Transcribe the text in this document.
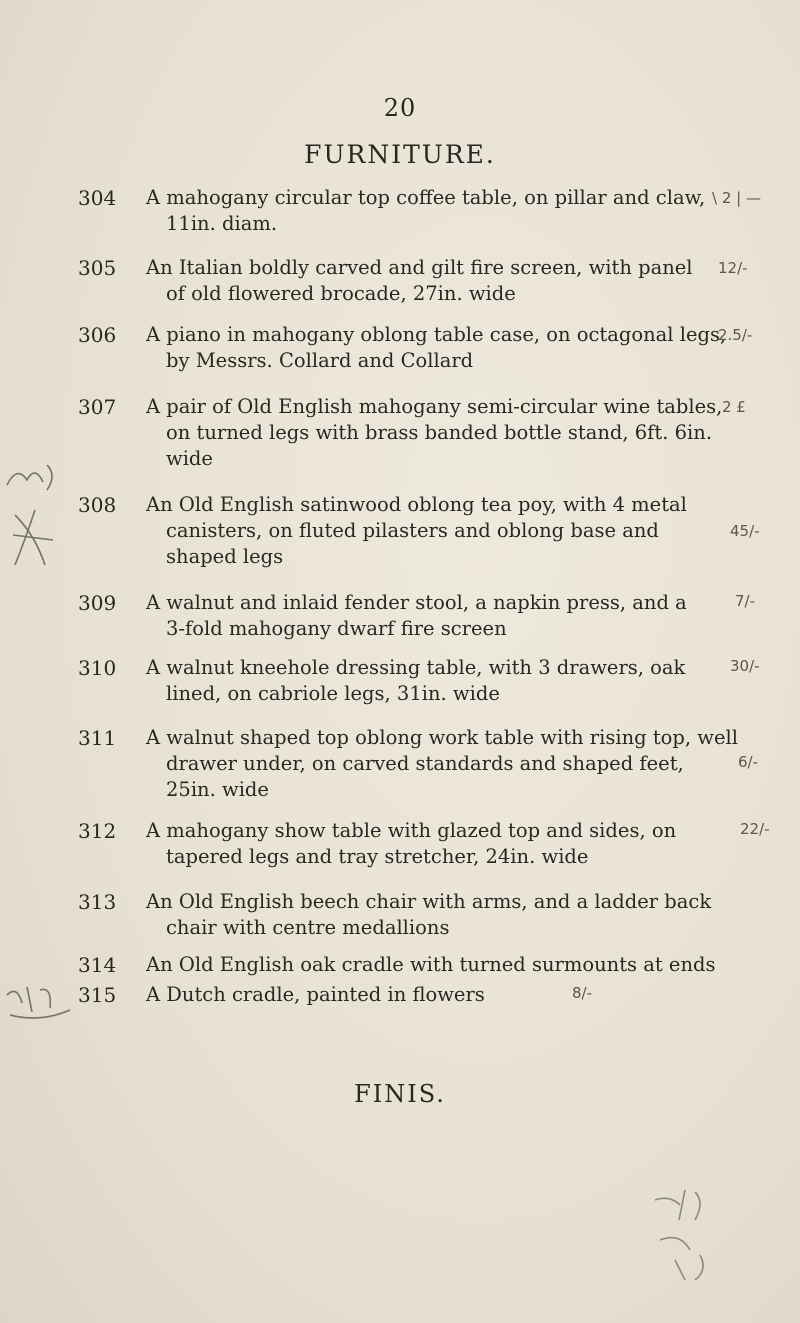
20
FURNITURE.
304 A mahogany circular top coffee table, on pillar and claw,
11in. diam.
\ 2 | —
305 An Italian boldly carved and gilt fire screen, with panel
of old flowered brocade, 27in. wide
12/-
306 A piano in mahogany oblong table case, on octagonal legs,
by Messrs. Collard and Collard
2.5/-
307 A pair of Old English mahogany semi-circular wine tables,
on turned legs with brass banded bottle stand, 6ft. 6in.
wide
2 £
308 An Old English satinwood oblong tea poy, with 4 metal
canisters, on fluted pilasters and oblong base and
shaped legs
45/-
309 A walnut and inlaid fender stool, a napkin press, and a
3-fold mahogany dwarf fire screen
7/-
310 A walnut kneehole dressing table, with 3 drawers, oak
lined, on cabriole legs, 31in. wide
30/-
311 A walnut shaped top oblong work table with rising top, well
drawer under, on carved standards and shaped feet,
25in. wide
6/-
312 A mahogany show table with glazed top and sides, on
tapered legs and tray stretcher, 24in. wide
22/-
313 An Old English beech chair with arms, and a ladder back
chair with centre medallions
314 An Old English oak cradle with turned surmounts at ends
315 A Dutch cradle, painted in flowers	8/-
FINIS.
